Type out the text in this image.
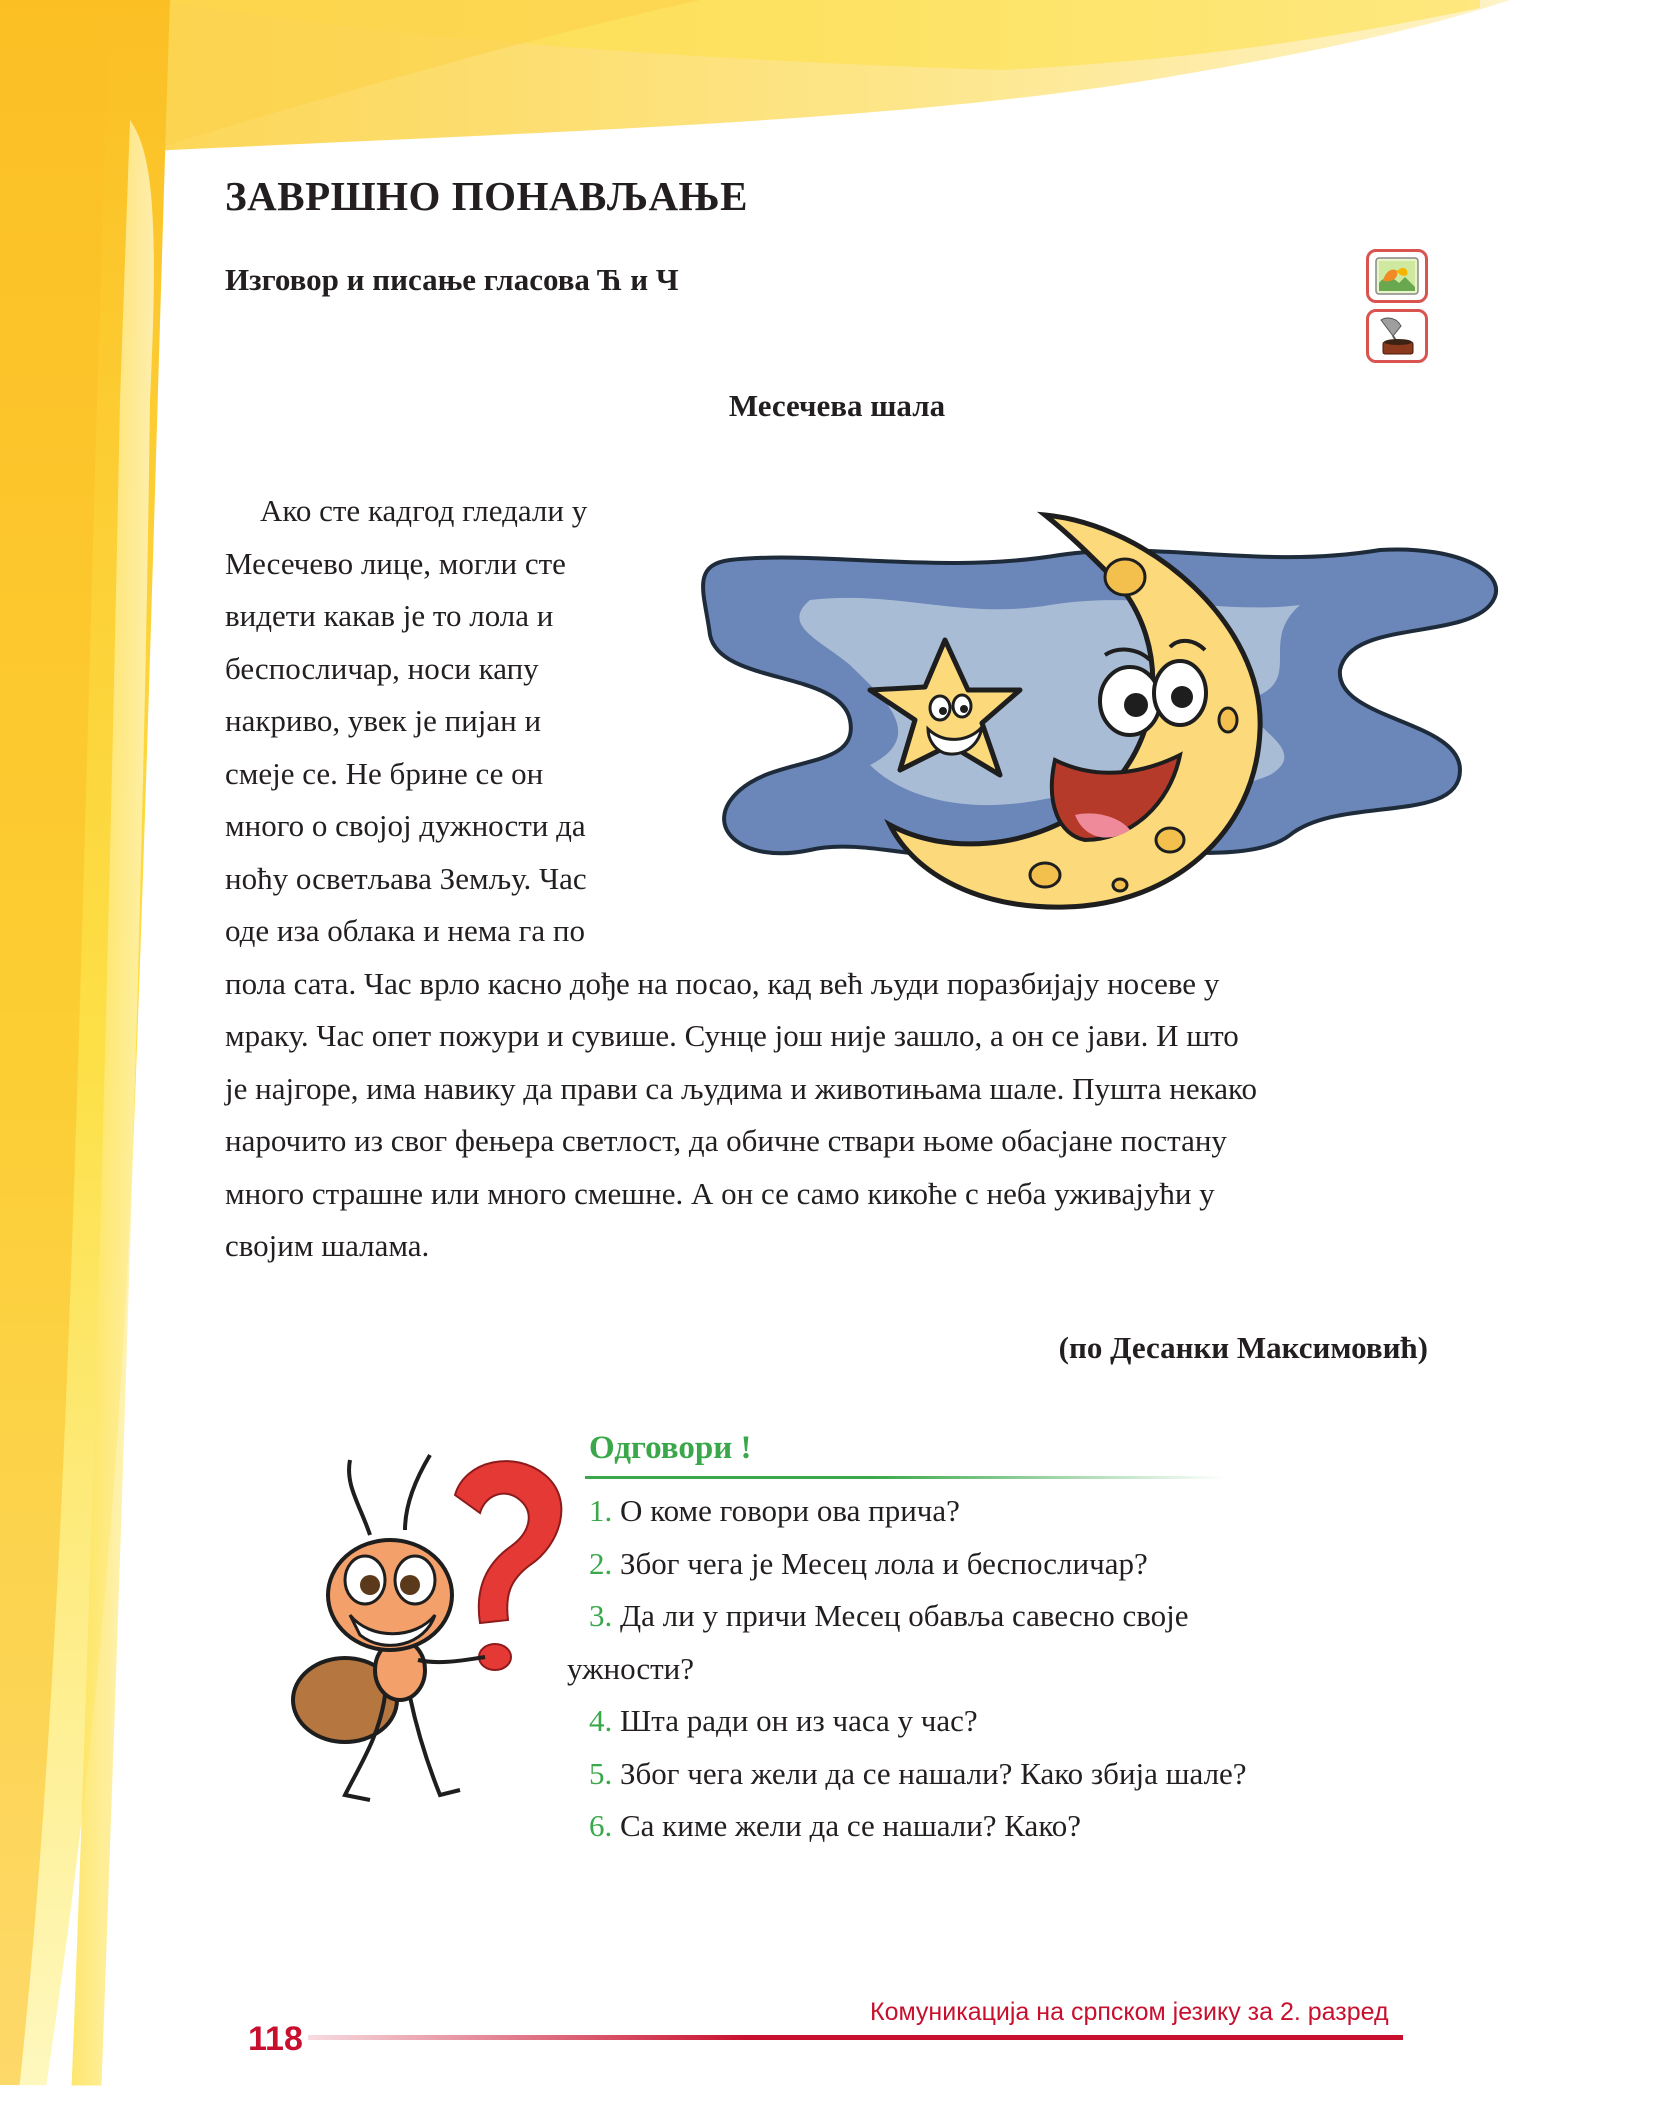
ЗАВРШНО ПОНАВЉАЊЕ
Изговор и писање гласова Ћ и Ч
Месечева шала
Ако сте кадгод гледали у
Месечево лице, могли сте
видети какав је то лола и
беспосличар, носи капу
накриво, увек је пијан и
смеје се. Не брине се он
много о својој дужности да
ноћу осветљава Земљу. Час
оде иза облака и нема га по
пола сата. Час врло касно дође на посао, кад већ људи поразбијају носеве у
мраку. Час опет пожури и сувише. Сунце још није зашло, а он се јави. И што
је најгоре, има навику да прави са људима и животињама шале. Пушта некако
нарочито из свог фењера светлост, да обичне ствари њоме обасјане постану
много страшне или много смешне. А он се само кикоће с неба уживајући у
својим шалама.
(по Десанки Максимовић)
Одговори !
1. О коме говори ова прича?
2. Због чега је Месец лола и беспосличар?
3. Да ли у причи Месец обавља савесно своје
ужности?
4. Шта ради он из часа у час?
5. Због чега жели да се нашали? Како збија шале?
6. Са киме жели да се нашали? Како?
Комуникација на српском језику за 2. разред
118
